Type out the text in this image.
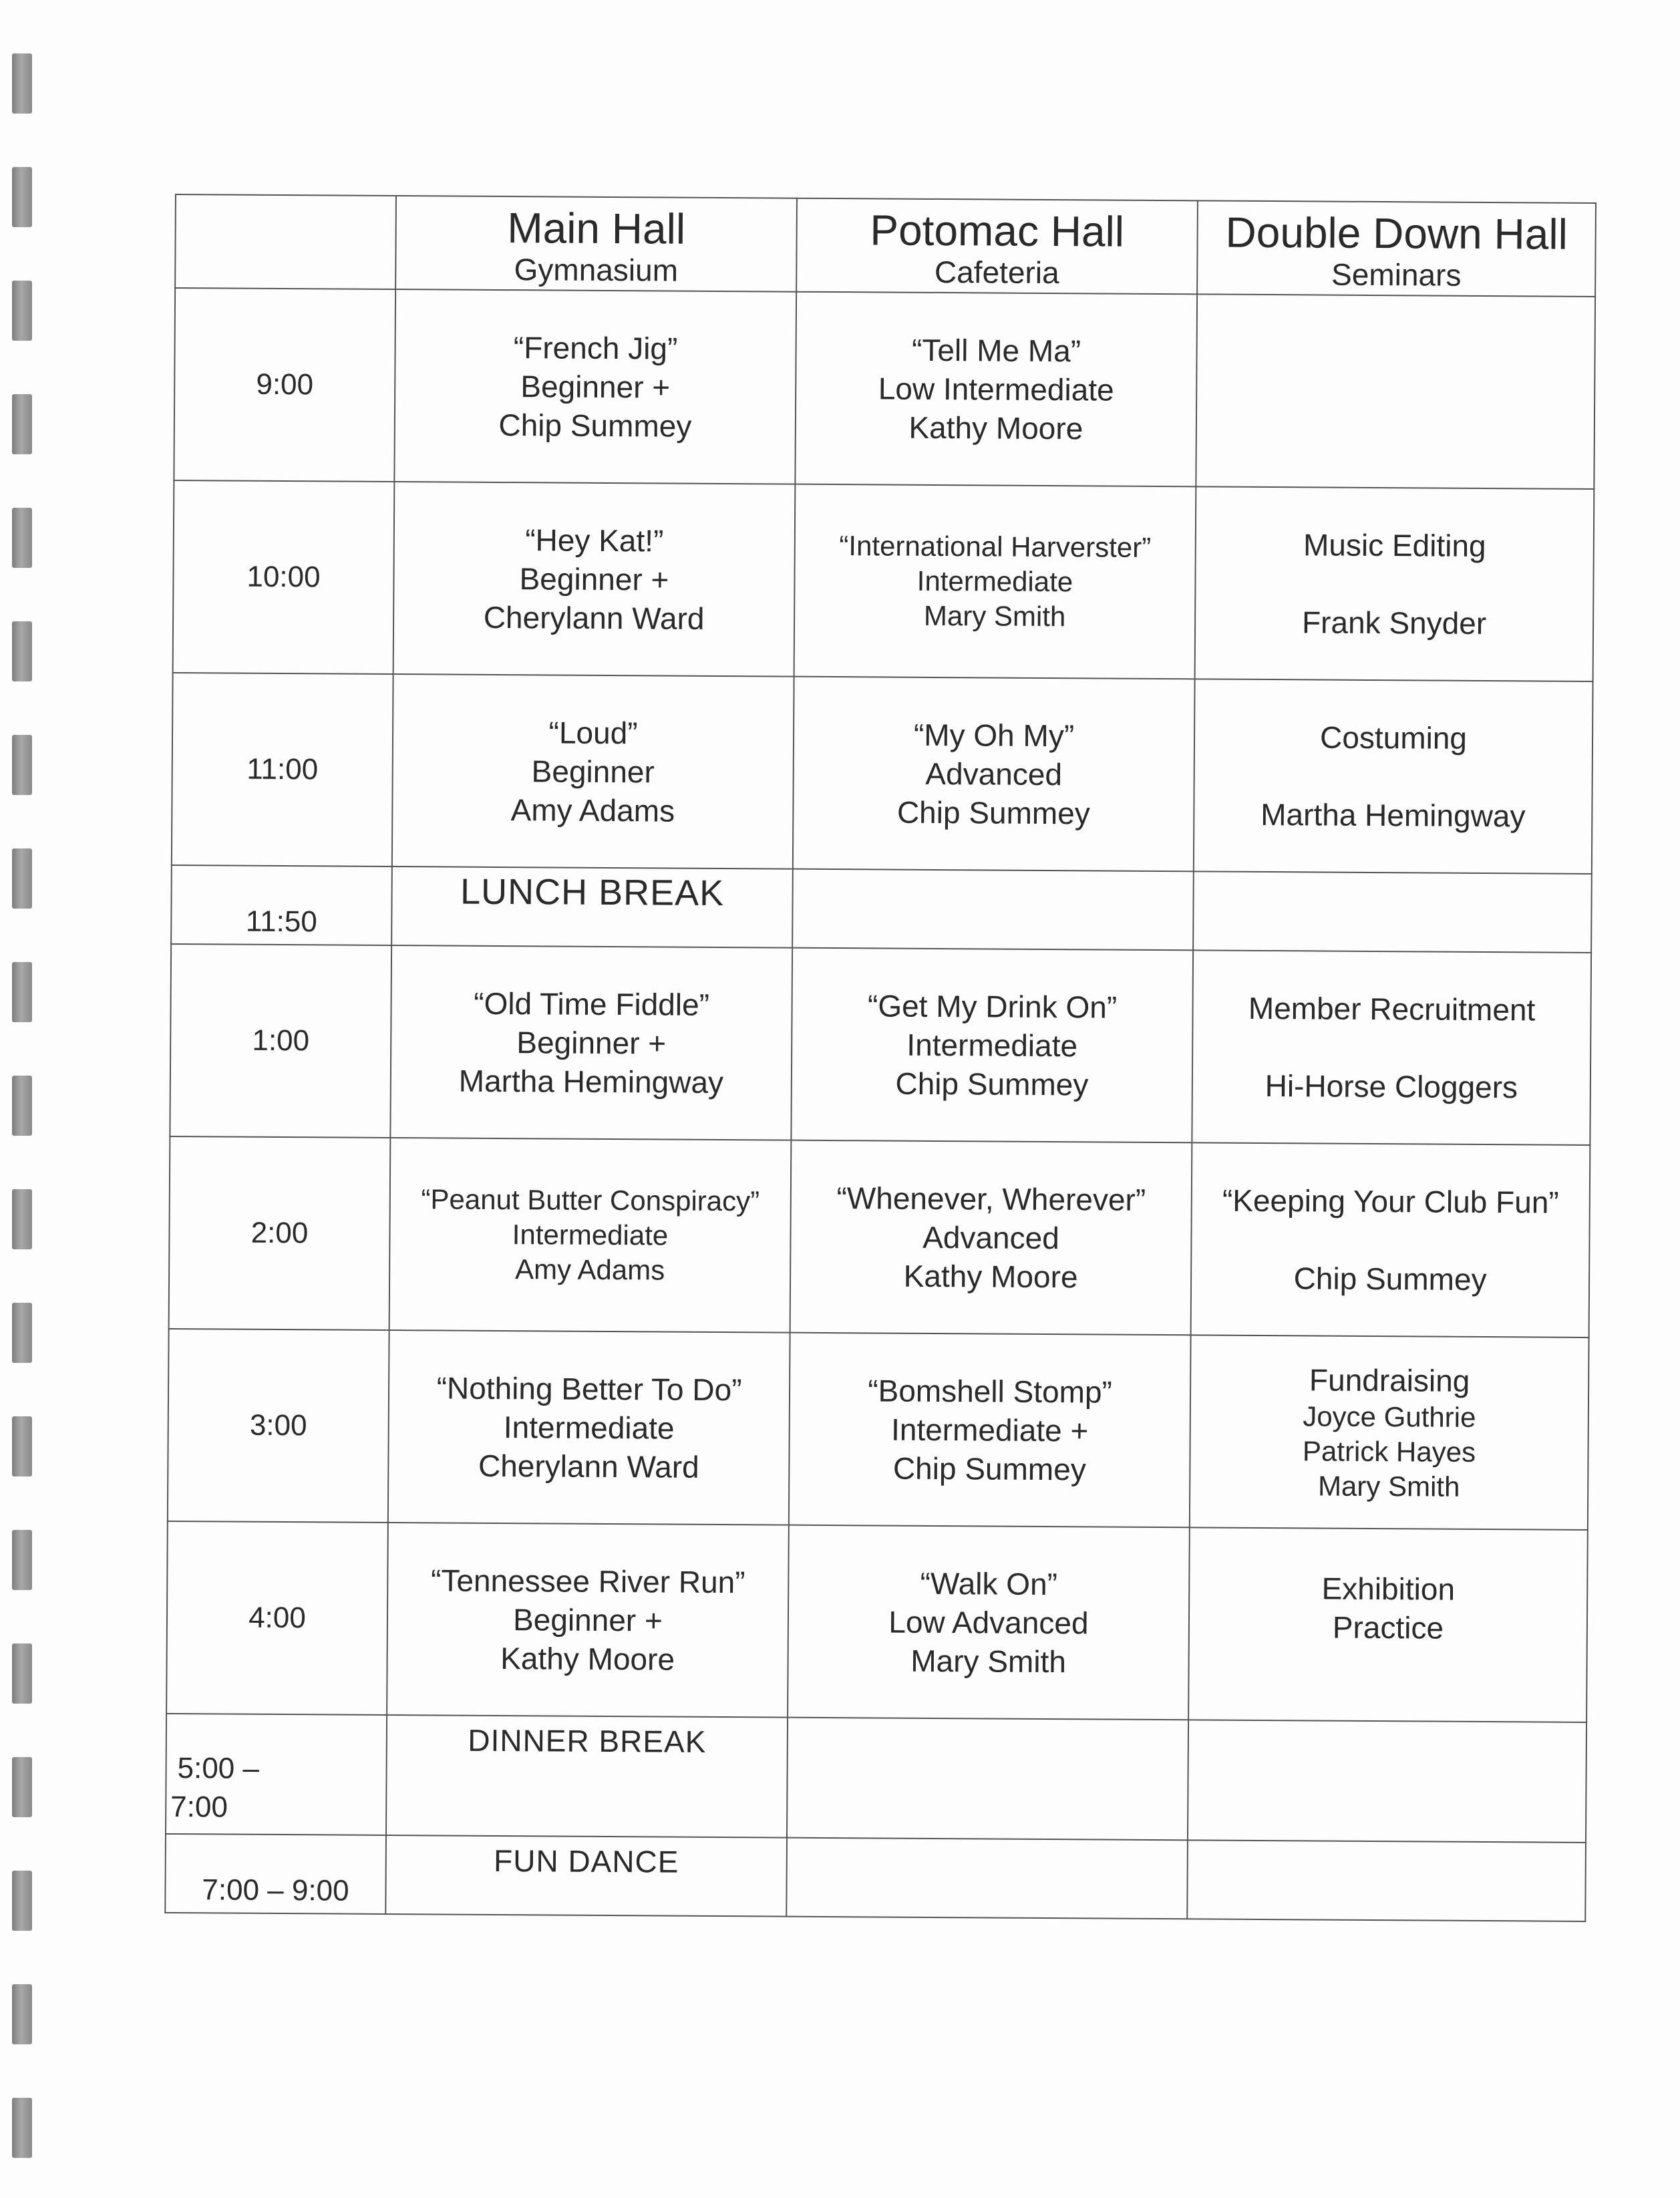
	Main Hall
Gymnasium	Potomac Hall
Cafeteria	Double Down Hall
Seminars

9:00	“French Jig”
Beginner +
Chip Summey	“Tell Me Ma”
Low Intermediate
Kathy Moore	

10:00	“Hey Kat!”
Beginner +
Cherylann Ward	“International Harverster”
Intermediate
Mary Smith	Music Editing
Frank Snyder

11:00	“Loud”
Beginner
Amy Adams	“My Oh My”
Advanced
Chip Summey	Costuming
Martha Hemingway

11:50	LUNCH BREAK		

1:00	“Old Time Fiddle”
Beginner +
Martha Hemingway	“Get My Drink On”
Intermediate
Chip Summey	Member Recruitment
Hi-Horse Cloggers

2:00	“Peanut Butter Conspiracy”
Intermediate
Amy Adams	“Whenever, Wherever”
Advanced
Kathy Moore	“Keeping Your Club Fun”
Chip Summey

3:00	“Nothing Better To Do”
Intermediate
Cherylann Ward	“Bomshell Stomp”
Intermediate +
Chip Summey	Fundraising
Joyce Guthrie
Patrick Hayes
Mary Smith

4:00	“Tennessee River Run”
Beginner +
Kathy Moore	“Walk On”
Low Advanced
Mary Smith	Exhibition
Practice

5:00 –
7:00	DINNER BREAK		

7:00 – 9:00	FUN DANCE		
